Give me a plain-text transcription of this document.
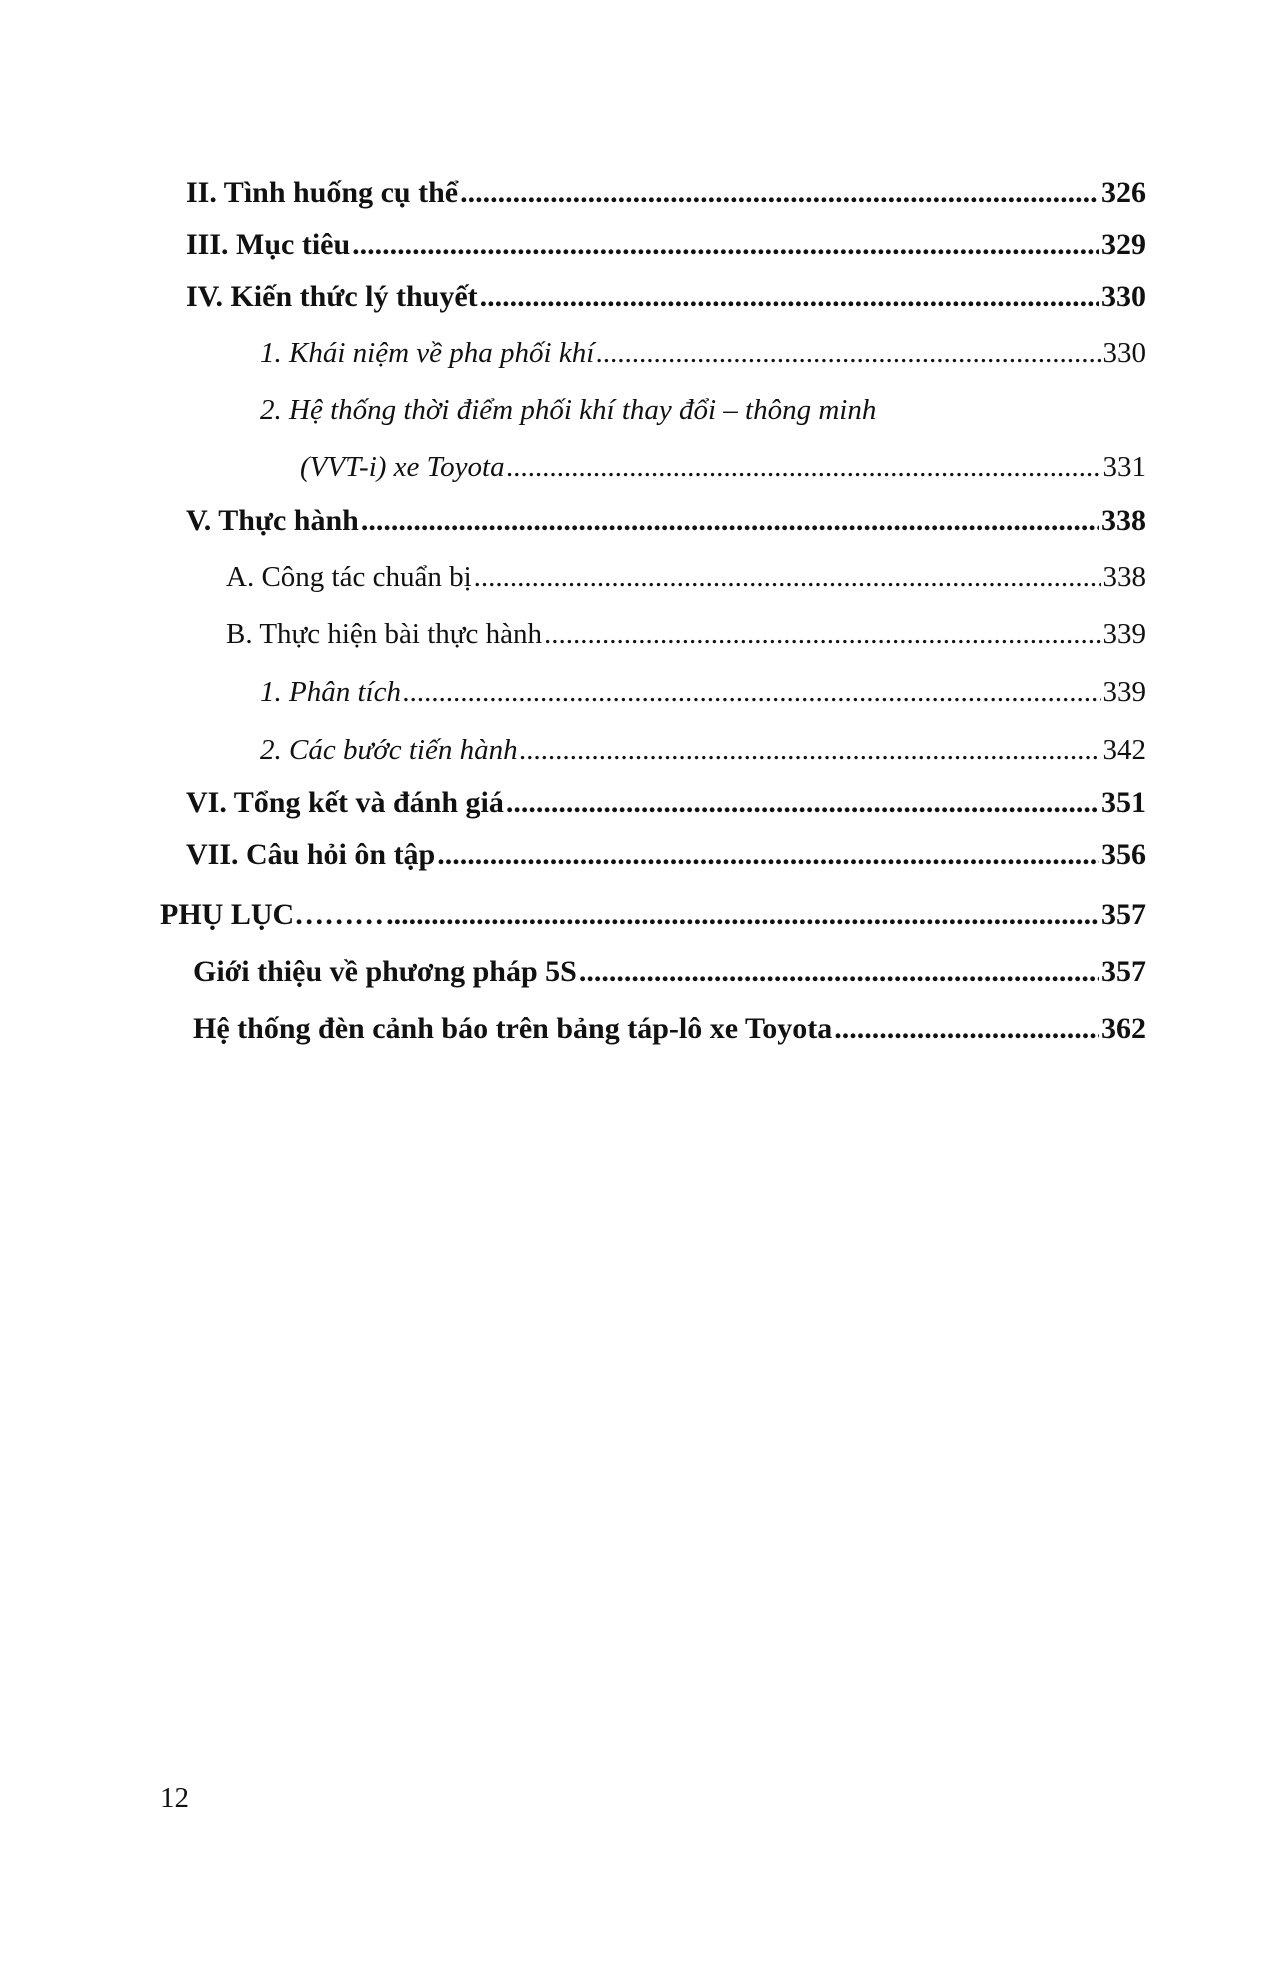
II. Tình huống cụ thể .....	326
III. Mục tiêu .....	329
IV. Kiến thức lý thuyết .....	330
1. Khái niệm về pha phối khí .....	330
2. Hệ thống thời điểm phối khí thay đổi – thông minh
(VVT-i) xe Toyota .....	331
V. Thực hành .....	338
A. Công tác chuẩn bị .....	338
B. Thực hiện bài thực hành .....	339
1. Phân tích .....	339
2. Các bước tiến hành .....	342
VI. Tổng kết và đánh giá .....	351
VII. Câu hỏi ôn tập .....	356
PHỤ LỤC……… .....	357
Giới thiệu về phương pháp 5S .....	357
Hệ thống đèn cảnh báo trên bảng táp-lô xe Toyota .....	362
12
